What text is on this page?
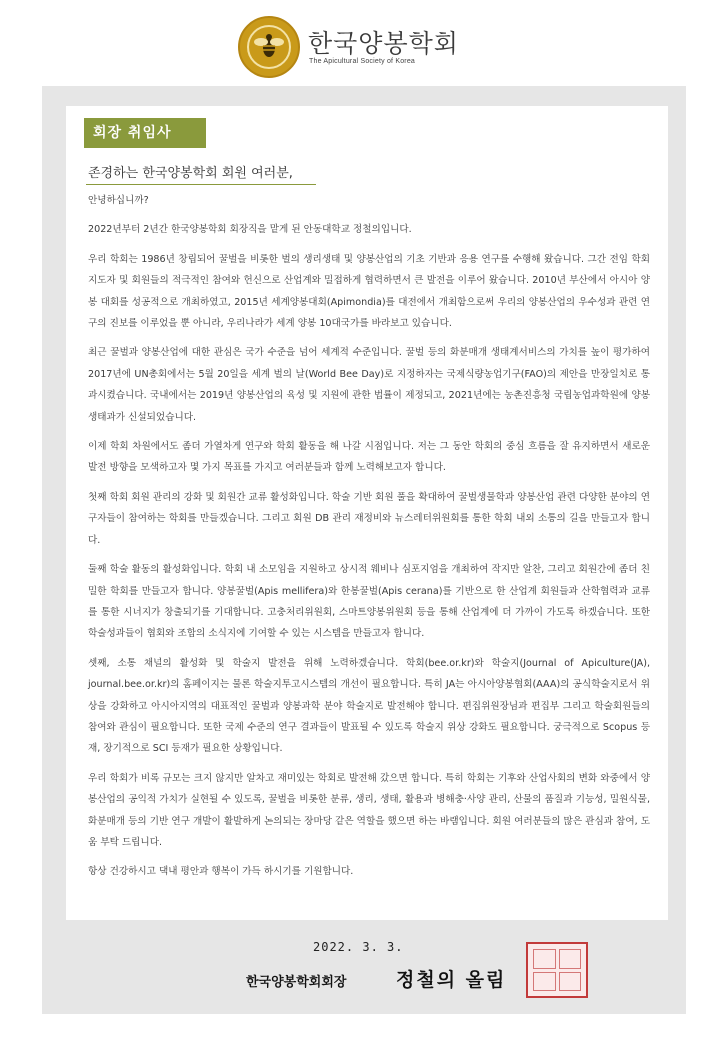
한국양봉학회
The Apicultural Society of Korea
회장 취임사
존경하는 한국양봉학회 회원 여러분,

안녕하십니까?

2022년부터 2년간 한국양봉학회 회장직을 맡게 된 안동대학교 정철의입니다.

우리 학회는 1986년 창립되어 꿀벌을 비롯한 벌의 생리생태 및 양봉산업의 기초 기반과 응용 연구를 수행해 왔습니다. 그간 전임 학회 지도자 및 회원들의 적극적인 참여와 헌신으로 산업계와 밀접하게 협력하면서 큰 발전을 이루어 왔습니다. 2010년 부산에서 아시아 양봉 대회를 성공적으로 개최하였고, 2015년 세계양봉대회(Apimondia)를 대전에서 개최함으로써 우리의 양봉산업의 우수성과 관련 연구의 진보를 이루었을 뿐 아니라, 우리나라가 세계 양봉 10대국가를 바라보고 있습니다.

최근 꿀벌과 양봉산업에 대한 관심은 국가 수준을 넘어 세계적 수준입니다. 꿀벌 등의 화분매개 생태계서비스의 가치를 높이 평가하여 2017년에 UN총회에서는 5월 20일을 세계 벌의 날(World Bee Day)로 지정하자는 국제식량농업기구(FAO)의 제안을 만장일치로 통과시켰습니다. 국내에서는 2019년 양봉산업의 육성 및 지원에 관한 법률이 제정되고, 2021년에는 농촌진흥청 국립농업과학원에 양봉생태과가 신설되었습니다.

이제 학회 차원에서도 좀더 가열차게 연구와 학회 활동을 해 나갈 시점입니다. 저는 그 동안 학회의 중심 흐름을 잘 유지하면서 새로운 발전 방향을 모색하고자 몇 가지 목표를 가지고 여러분들과 함께 노력해보고자 합니다.

첫째 학회 회원 관리의 강화 및 회원간 교류 활성화입니다. 학술 기반 회원 풀을 확대하여 꿀벌생물학과 양봉산업 관련 다양한 분야의 연구자들이 참여하는 학회를 만들겠습니다. 그리고 회원 DB 관리 재정비와 뉴스레터위원회를 통한 학회 내외 소통의 길을 만들고자 합니다.

둘째 학술 활동의 활성화입니다. 학회 내 소모임을 지원하고 상시적 웨비나 심포지엄을 개최하여 작지만 알찬, 그리고 회원간에 좀더 친밀한 학회를 만들고자 합니다. 양봉꿀벌(Apis mellifera)와 한봉꿀벌(Apis cerana)를 기반으로 한 산업계 회원들과 산학협력과 교류를 통한 시너지가 창출되기를 기대합니다. 고충처리위원회, 스마트양봉위원회 등을 통해 산업계에 더 가까이 가도록 하겠습니다. 또한 학술성과들이 협회와 조합의 소식지에 기여할 수 있는 시스템을 만들고자 합니다.

셋째, 소통 채널의 활성화 및 학술지 발전을 위해 노력하겠습니다. 학회(bee.or.kr)와 학술지(Journal of Apiculture(JA), journal.bee.or.kr)의 홈페이지는 물론 학술지투고시스템의 개선이 필요합니다. 특히 JA는 아시아양봉협회(AAA)의 공식학술지로서 위상을 강화하고 아시아지역의 대표적인 꿀벌과 양봉과학 분야 학술지로 발전해야 합니다. 편집위원장님과 편집부 그리고 학술회원들의 참여와 관심이 필요합니다. 또한 국제 수준의 연구 결과들이 발표될 수 있도록 학술지 위상 강화도 필요합니다. 궁극적으로 Scopus 등재, 장기적으로 SCI 등재가 필요한 상황입니다.

우리 학회가 비록 규모는 크지 않지만 알차고 재미있는 학회로 발전해 갔으면 합니다. 특히 학회는 기후와 산업사회의 변화 와중에서 양봉산업의 공익적 가치가 실현될 수 있도록, 꿀벌을 비롯한 분류, 생리, 생태, 활용과 병해충·사양 관리, 산물의 품질과 기능성, 밀원식물, 화분매개 등의 기반 연구 개발이 활발하게 논의되는 장마당 같은 역할을 했으면 하는 바램입니다. 회원 여러분들의 많은 관심과 참여, 도움 부탁 드립니다.

항상 건강하시고 댁내 평안과 행복이 가득 하시기를 기원합니다.

2022. 3. 3.
한국양봉학회회장	정철의 올림
